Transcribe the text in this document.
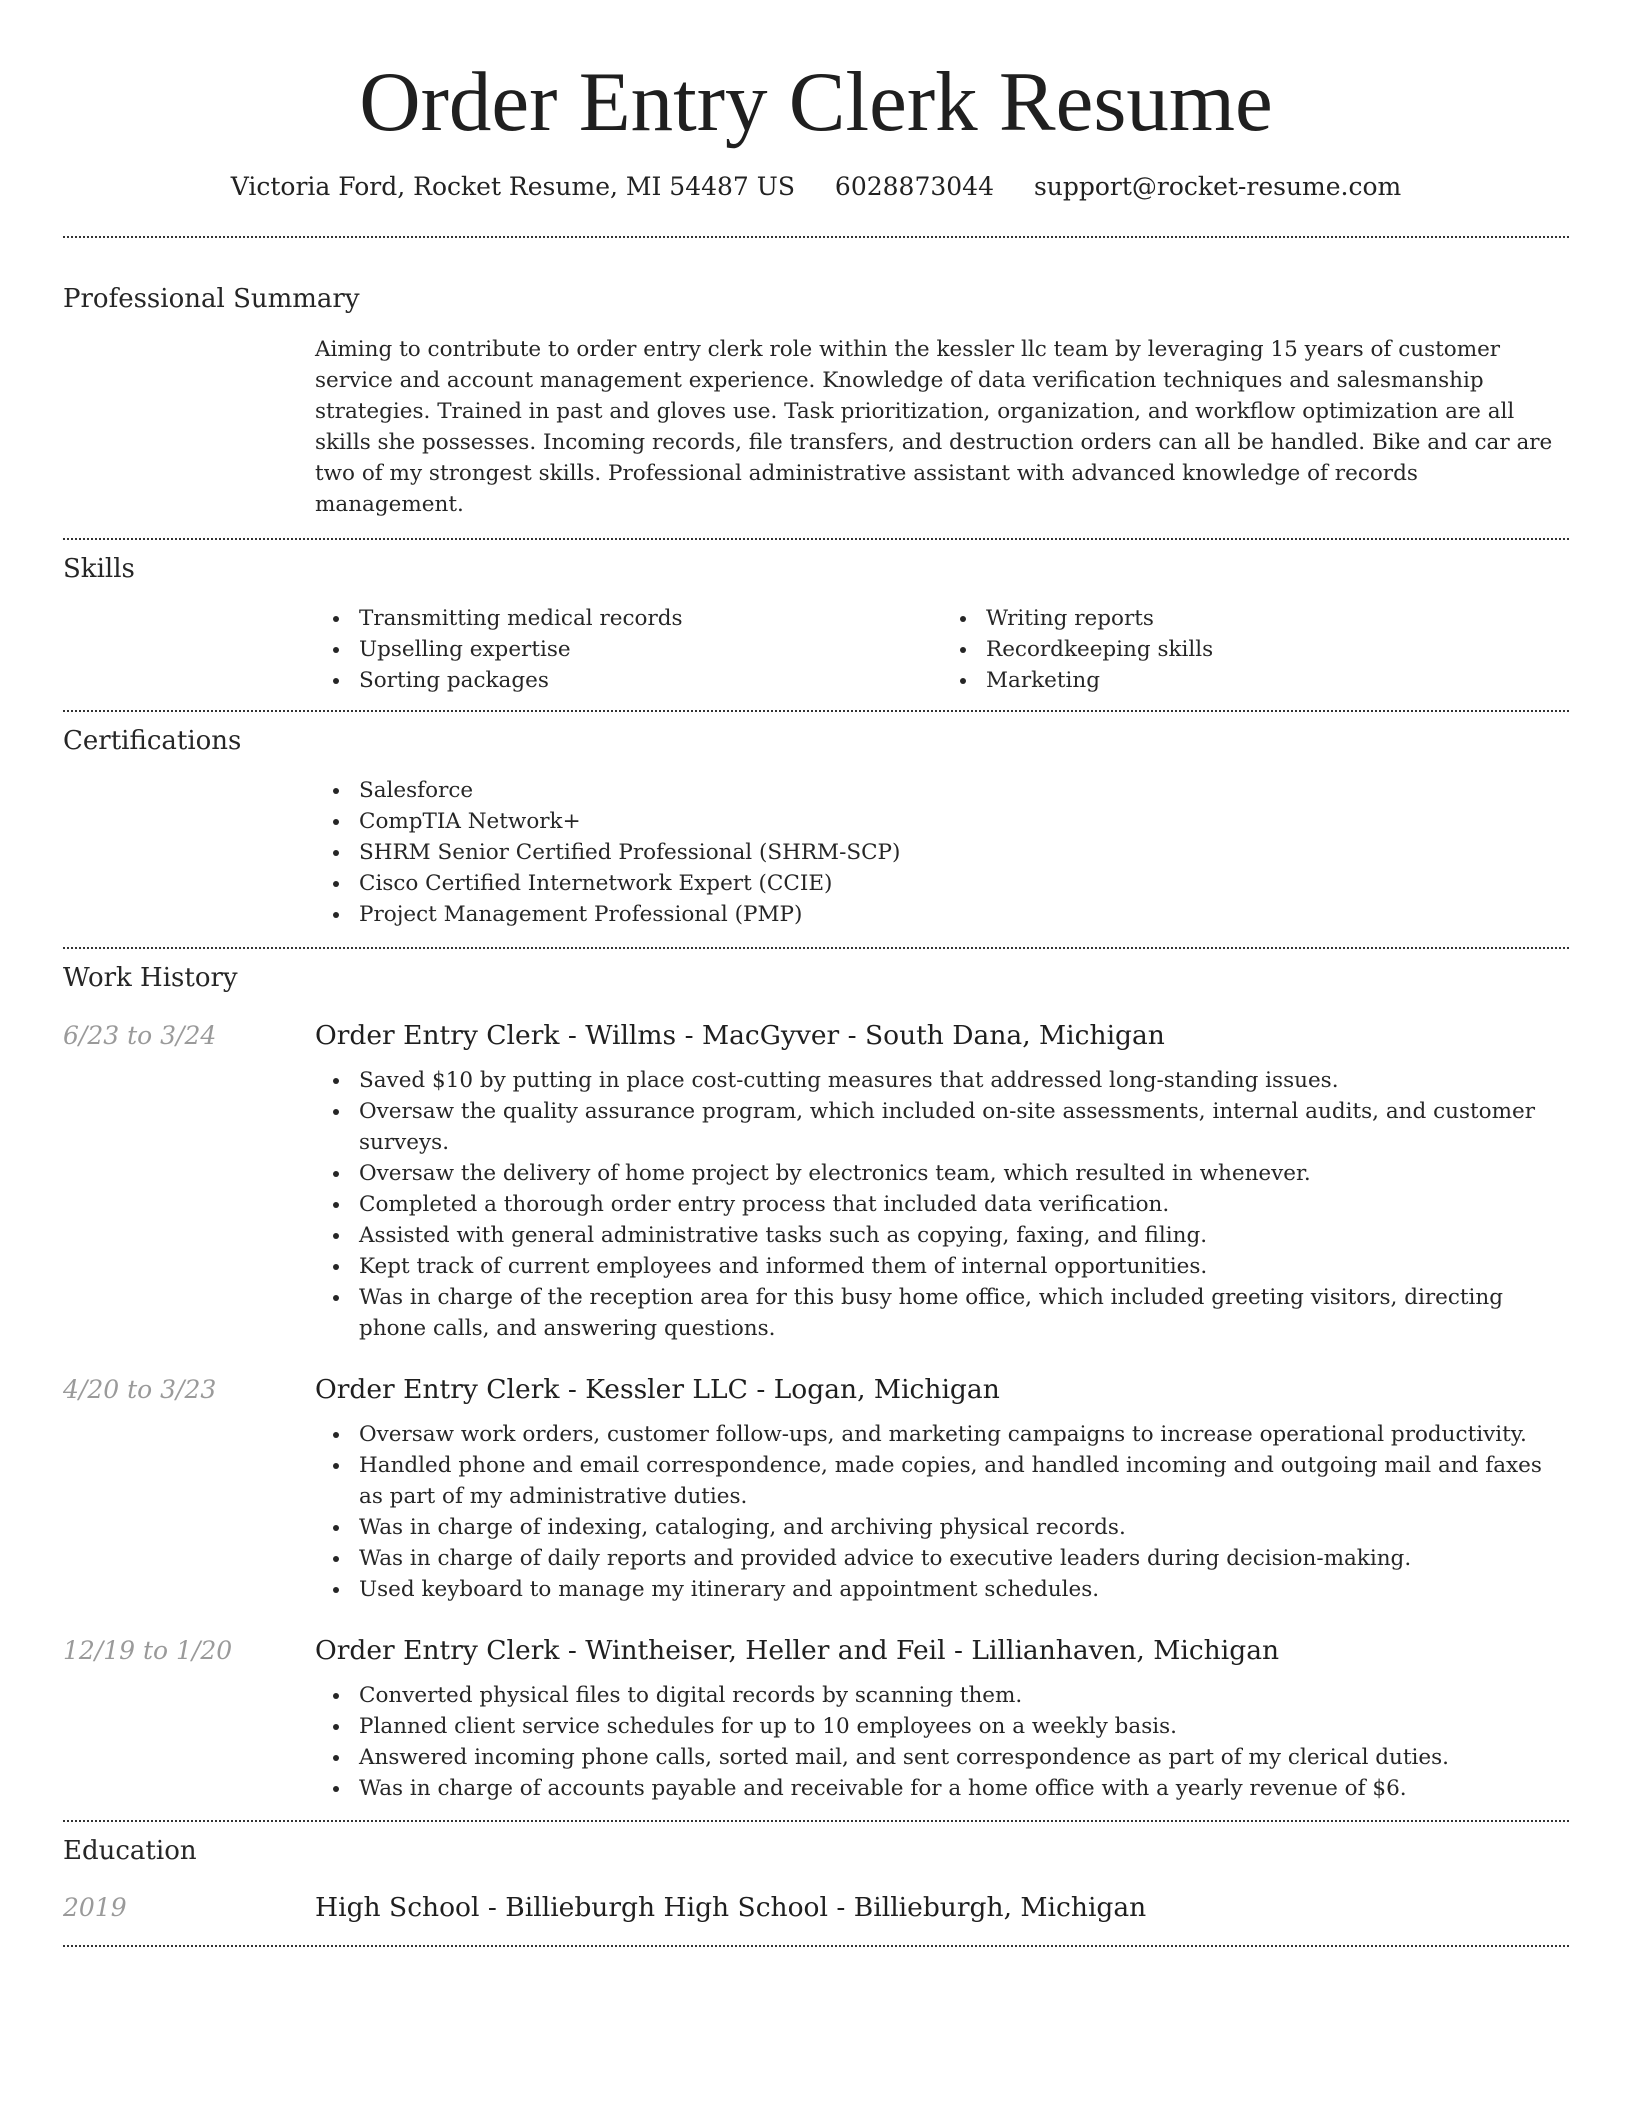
Order Entry Clerk Resume
Victoria Ford, Rocket Resume, MI 54487 US 6028873044 support@rocket-resume.com
Professional Summary

Aiming to contribute to order entry clerk role within the kessler llc team by leveraging 15 years of customer service and account management experience. Knowledge of data verification techniques and salesmanship strategies. Trained in past and gloves use. Task prioritization, organization, and workflow optimization are all skills she possesses. Incoming records, file transfers, and destruction orders can all be handled. Bike and car are two of my strongest skills. Professional administrative assistant with advanced knowledge of records management.

Skills
Transmitting medical records
Upselling expertise
Sorting packages
Writing reports
Recordkeeping skills
Marketing
Certifications
Salesforce
CompTIA Network+
SHRM Senior Certified Professional (SHRM-SCP)
Cisco Certified Internetwork Expert (CCIE)
Project Management Professional (PMP)
Work History
6/23 to 3/24	Order Entry Clerk - Willms - MacGyver - South Dana, Michigan
Saved $10 by putting in place cost-cutting measures that addressed long-standing issues.
Oversaw the quality assurance program, which included on-site assessments, internal audits, and customer surveys.
Oversaw the delivery of home project by electronics team, which resulted in whenever.
Completed a thorough order entry process that included data verification.
Assisted with general administrative tasks such as copying, faxing, and filing.
Kept track of current employees and informed them of internal opportunities.
Was in charge of the reception area for this busy home office, which included greeting visitors, directing phone calls, and answering questions.
4/20 to 3/23	Order Entry Clerk - Kessler LLC - Logan, Michigan
Oversaw work orders, customer follow-ups, and marketing campaigns to increase operational productivity.
Handled phone and email correspondence, made copies, and handled incoming and outgoing mail and faxes as part of my administrative duties.
Was in charge of indexing, cataloging, and archiving physical records.
Was in charge of daily reports and provided advice to executive leaders during decision-making.
Used keyboard to manage my itinerary and appointment schedules.
12/19 to 1/20	Order Entry Clerk - Wintheiser, Heller and Feil - Lillianhaven, Michigan
Converted physical files to digital records by scanning them.
Planned client service schedules for up to 10 employees on a weekly basis.
Answered incoming phone calls, sorted mail, and sent correspondence as part of my clerical duties.
Was in charge of accounts payable and receivable for a home office with a yearly revenue of $6.
Education
2019	High School - Billieburgh High School - Billieburgh, Michigan
